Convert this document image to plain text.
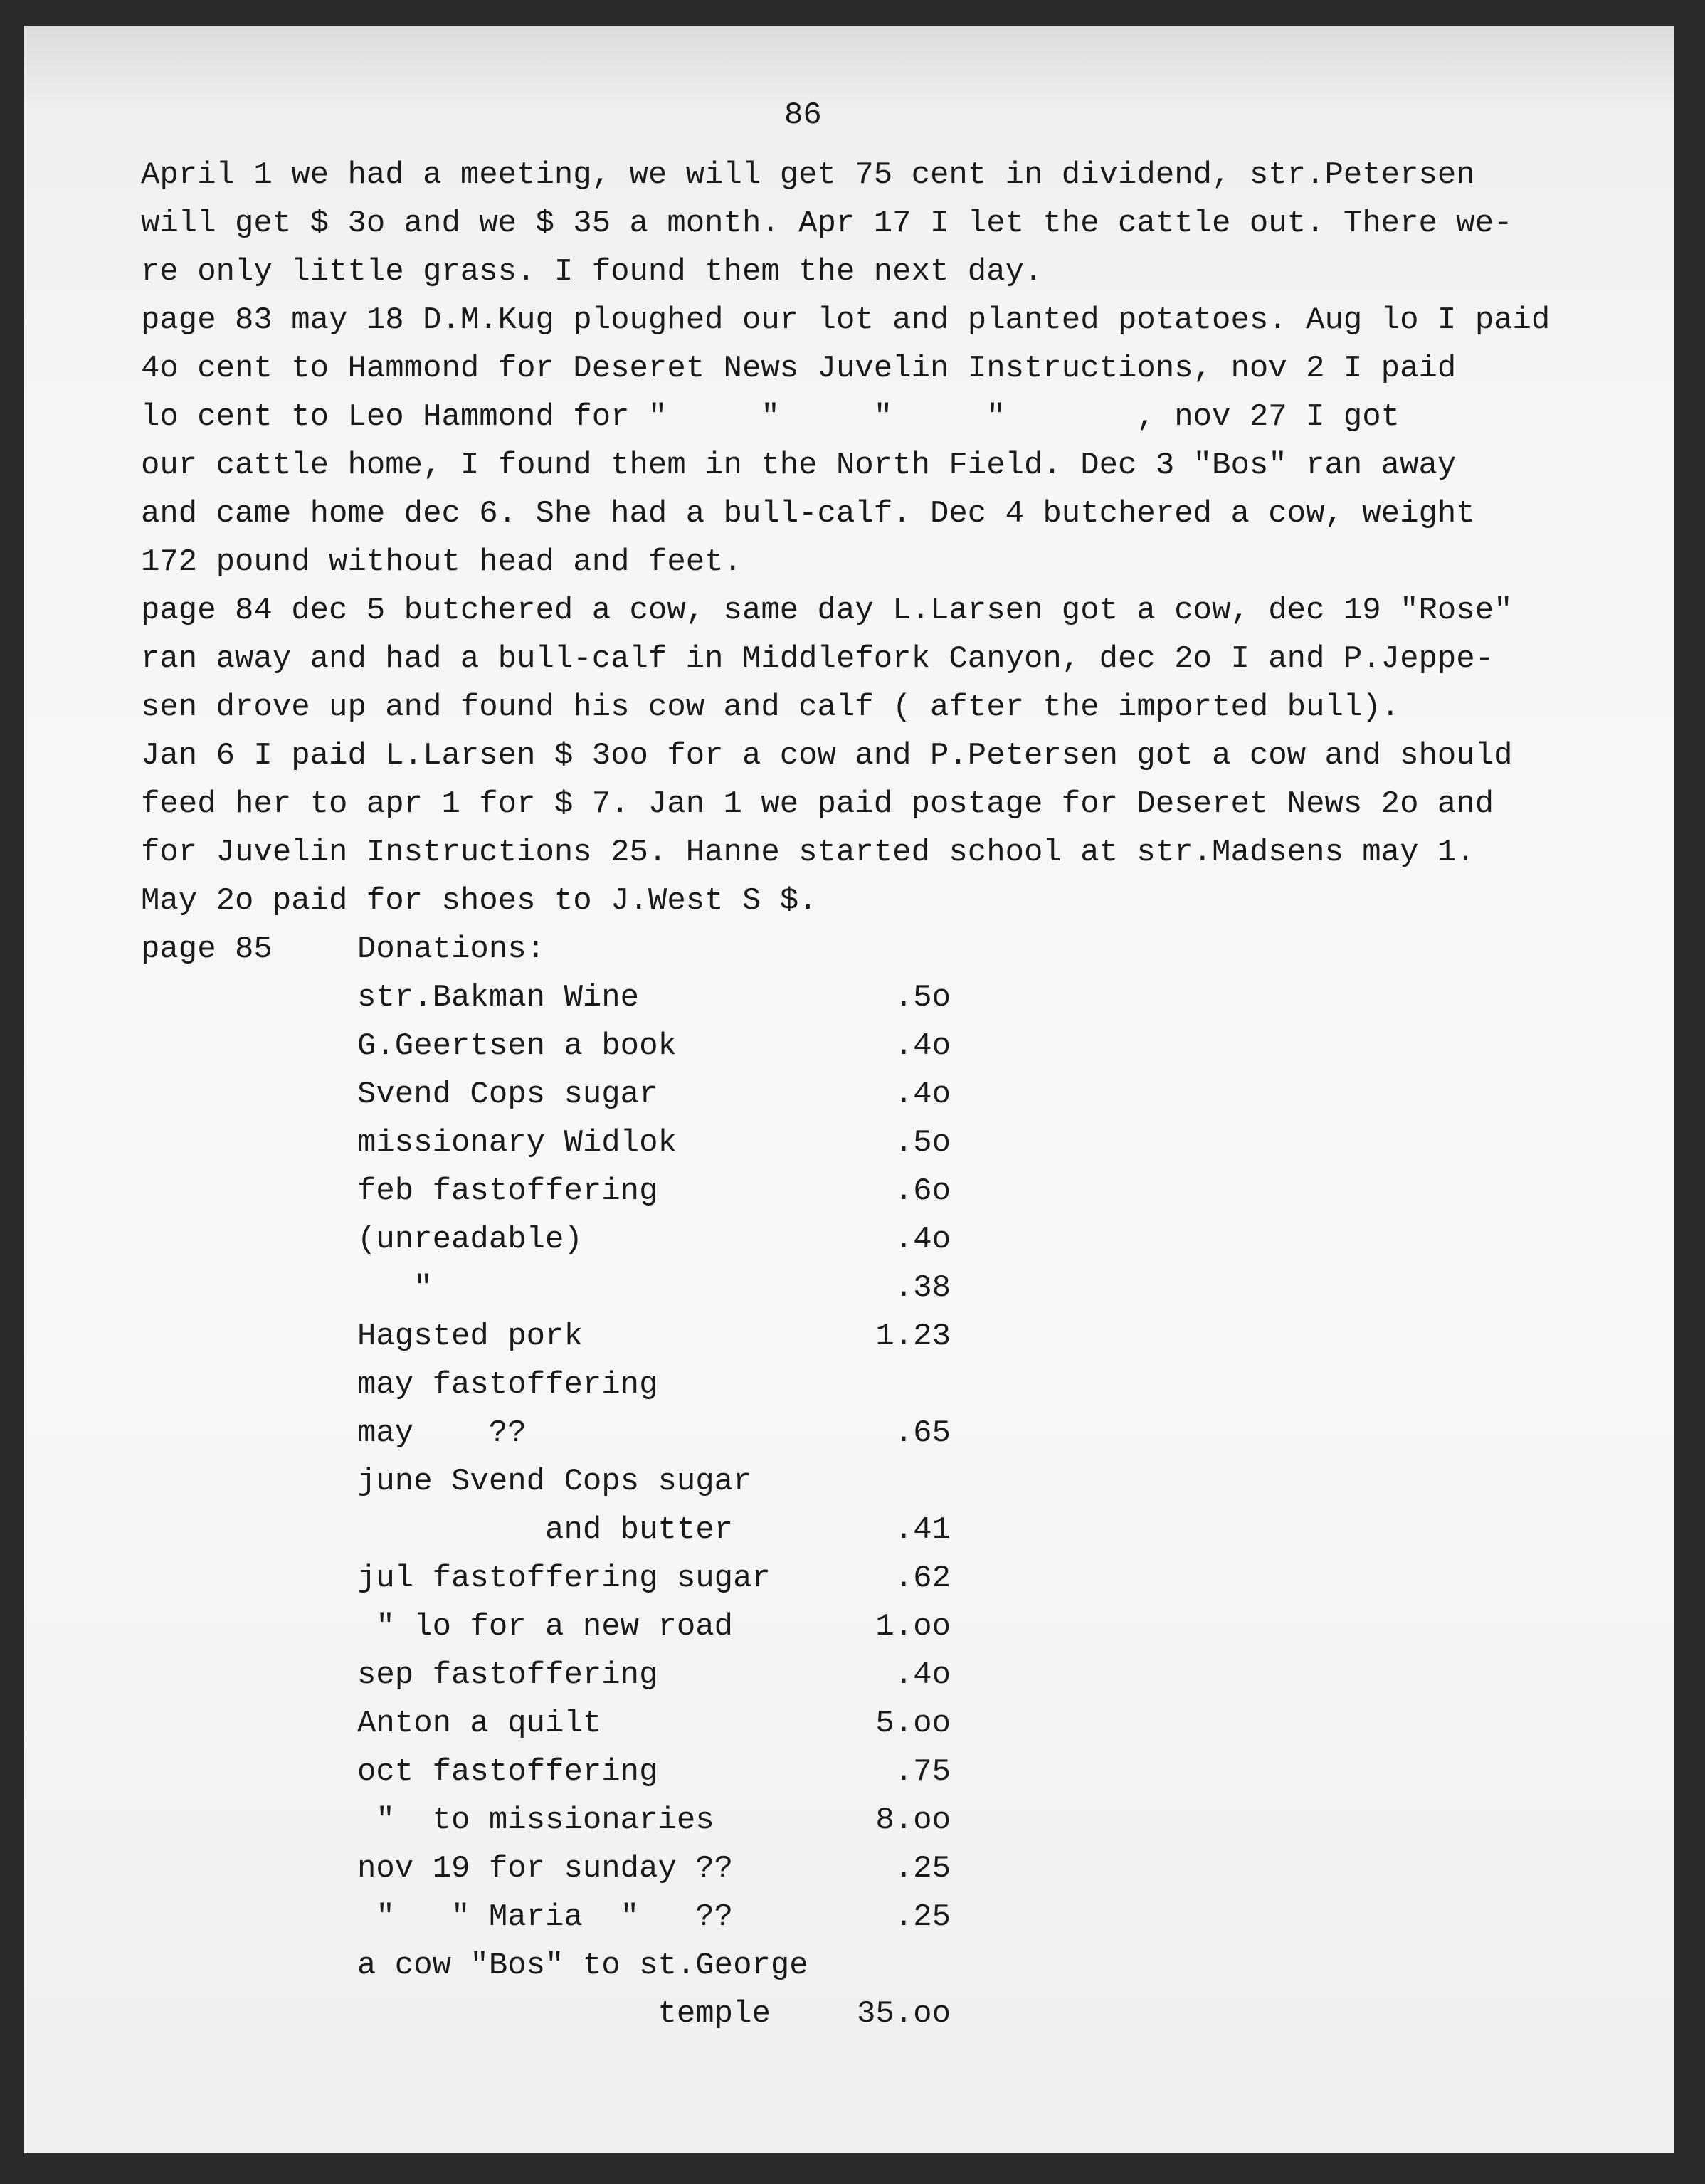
86
April 1 we had a meeting, we will get 75 cent in dividend, str.Petersen
will get $ 3o and we $ 35 a month. Apr 17 I let the cattle out. There we-
re only little grass. I found them the next day.
page 83 may 18 D.M.Kug ploughed our lot and planted potatoes. Aug lo I paid
4o cent to Hammond for Deseret News Juvelin Instructions, nov 2 I paid
lo cent to Leo Hammond for "     "     "     "       , nov 27 I got
our cattle home, I found them in the North Field. Dec 3 "Bos" ran away
and came home dec 6. She had a bull-calf. Dec 4 butchered a cow, weight
172 pound without head and feet.
page 84 dec 5 butchered a cow, same day L.Larsen got a cow, dec 19 "Rose"
ran away and had a bull-calf in Middlefork Canyon, dec 2o I and P.Jeppe-
sen drove up and found his cow and calf ( after the imported bull).
Jan 6 I paid L.Larsen $ 3oo for a cow and P.Petersen got a cow and should
feed her to apr 1 for $ 7. Jan 1 we paid postage for Deseret News 2o and
for Juvelin Instructions 25. Hanne started school at str.Madsens may 1.
May 2o paid for shoes to J.West S $.
page 85	Donations:
str.Bakman Wine	.5o
G.Geertsen a book	.4o
Svend Cops sugar	.4o
missionary Widlok	.5o
feb fastoffering	.6o
(unreadable)	.4o
"	.38
Hagsted pork	1.23
may fastoffering
may    ??	.65
june Svend Cops sugar
and butter	.41
jul fastoffering sugar	.62
" lo for a new road	1.oo
sep fastoffering	.4o
Anton a quilt	5.oo
oct fastoffering	.75
"  to missionaries	8.oo
nov 19 for sunday ??	.25
"   " Maria  "   ??	.25
a cow "Bos" to st.George
temple	35.oo
